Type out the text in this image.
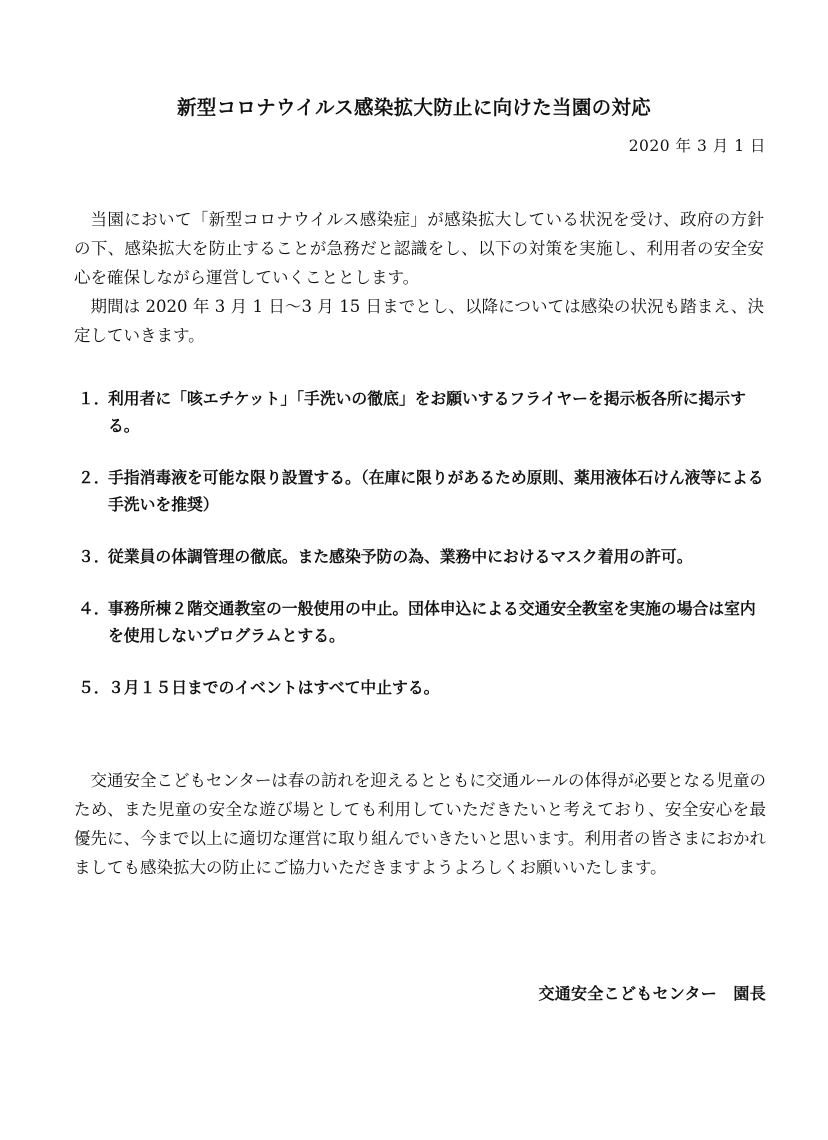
新型コロナウイルス感染拡大防止に向けた当園の対応
2020 年 3 月 1 日

当園において「新型コロナウイルス感染症」が感染拡大している状況を受け、政府の方針の下、感染拡大を防止することが急務だと認識をし、以下の対策を実施し、利用者の安全安心を確保しながら運営していくこととします。

期間は 2020 年 3 月 1 日～3 月 15 日までとし、以降については感染の状況も踏まえ、決定していきます。

１．
利用者に「咳エチケット」「手洗いの徹底」をお願いするフライヤーを掲示板各所に掲示する。
２．
手指消毒液を可能な限り設置する。（在庫に限りがあるため原則、薬用液体石けん液等による手洗いを推奨）
３．
従業員の体調管理の徹底。また感染予防の為、業務中におけるマスク着用の許可。
４．
事務所棟２階交通教室の一般使用の中止。団体申込による交通安全教室を実施の場合は室内を使用しないプログラムとする。
５．
３月１５日までのイベントはすべて中止する。

交通安全こどもセンターは春の訪れを迎えるとともに交通ルールの体得が必要となる児童のため、また児童の安全な遊び場としても利用していただきたいと考えており、安全安心を最優先に、今まで以上に適切な運営に取り組んでいきたいと思います。利用者の皆さまにおかれましても感染拡大の防止にご協力いただきますようよろしくお願いいたします。

交通安全こどもセンター　園長
